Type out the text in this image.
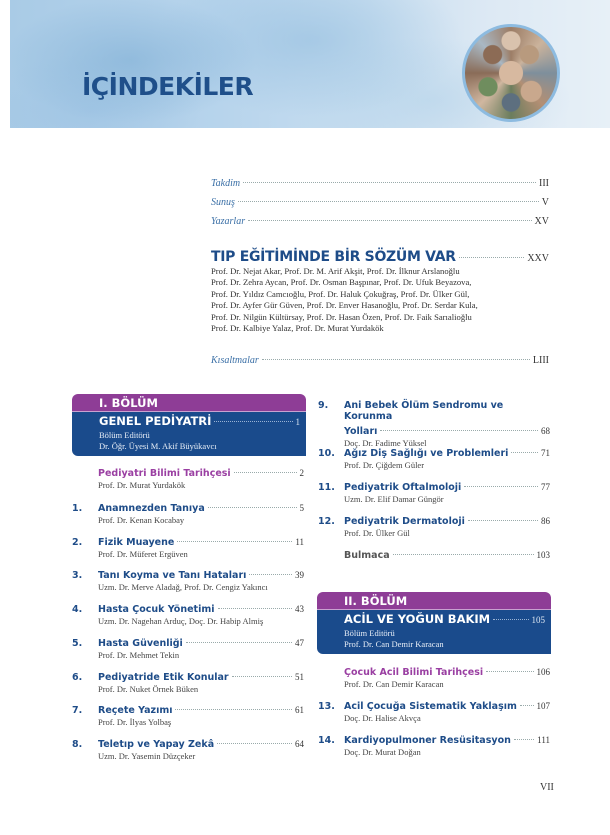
İÇİNDEKİLER
Takdim	III
Sunuş	V
Yazarlar	XV
TIP EĞİTİMİNDE BİR SÖZÜM VAR	XXV
Prof. Dr. Nejat Akar, Prof. Dr. M. Arif Akşit, Prof. Dr. İlknur Arslanoğlu
Prof. Dr. Zehra Aycan, Prof. Dr. Osman Başpınar, Prof. Dr. Ufuk Beyazova,
Prof. Dr. Yıldız Camcıoğlu, Prof. Dr. Haluk Çokuğraş, Prof. Dr. Ülker Gül,
Prof. Dr. Ayfer Gür Güven, Prof. Dr. Enver Hasanoğlu, Prof. Dr. Serdar Kula,
Prof. Dr. Nilgün Kültürsay, Prof. Dr. Hasan Özen, Prof. Dr. Faik Sarıalioğlu
Prof. Dr. Kalbiye Yalaz, Prof. Dr. Murat Yurdakök
Kısaltmalar	LIII
I. BÖLÜM
GENEL PEDİYATRİ	1
Bölüm Editörü
Dr. Öğr. Üyesi M. Akif Büyükavcı
Pediyatri Bilimi Tarihçesi	2
Prof. Dr. Murat Yurdakök
1. Anamnezden Tanıya	5
Prof. Dr. Kenan Kocabay
2. Fizik Muayene	11
Prof. Dr. Müferet Ergüven
3. Tanı Koyma ve Tanı Hataları	39
Uzm. Dr. Merve Aladağ, Prof. Dr. Cengiz Yakıncı
4. Hasta Çocuk Yönetimi	43
Uzm. Dr. Nagehan Arduç, Doç. Dr. Habip Almiş
5. Hasta Güvenliği	47
Prof. Dr. Mehmet Tekin
6. Pediyatride Etik Konular	51
Prof. Dr. Nuket Örnek Büken
7. Reçete Yazımı	61
Prof. Dr. İlyas Yolbaş
8. Teletıp ve Yapay Zekâ	64
Uzm. Dr. Yasemin Düzçeker
9. Ani Bebek Ölüm Sendromu ve Korunma
Yolları	68
Doç. Dr. Fadime Yüksel
10. Ağız Diş Sağlığı ve Problemleri	71
Prof. Dr. Çiğdem Güler
11. Pediyatrik Oftalmoloji	77
Uzm. Dr. Elif Damar Güngör
12. Pediyatrik Dermatoloji	86
Prof. Dr. Ülker Gül
Bulmaca	103
II. BÖLÜM
ACİL VE YOĞUN BAKIM	105
Bölüm Editörü
Prof. Dr. Can Demir Karacan
Çocuk Acil Bilimi Tarihçesi	106
Prof. Dr. Can Demir Karacan
13. Acil Çocuğa Sistematik Yaklaşım 107
Doç. Dr. Halise Akvça
14. Kardiyopulmoner Resüsitasyon	111
Doç. Dr. Murat Doğan
VII
